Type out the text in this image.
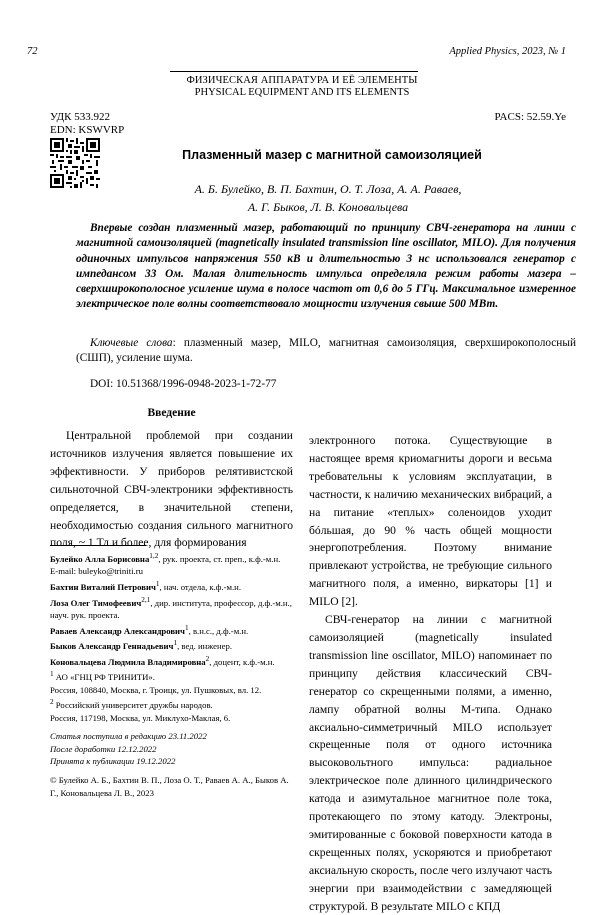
72	Applied Physics, 2023, № 1
ФИЗИЧЕСКАЯ АППАРАТУРА И ЕЁ ЭЛЕМЕНТЫ
PHYSICAL EQUIPMENT AND ITS ELEMENTS
УДК 533.922
EDN: KSWVRP
PACS: 52.59.Ye
Плазменный мазер с магнитной самоизоляцией
А. Б. Булейко, В. П. Бахтин, О. Т. Лоза, А. А. Раваев,
А. Г. Быков, Л. В. Коновальцева
Впервые создан плазменный мазер, работающий по принципу СВЧ-генератора на линии с магнитной самоизоляцией (magnetically insulated transmission line oscillator, MILO). Для получения одиночных импульсов напряжения 550 кВ и длительностью 3 нс использовался генератор с импедансом 33 Ом. Малая длительность импульса определяла режим работы мазера – сверхширокополосное усиление шума в полосе частот от 0,6 до 5 ГГц. Максимальное измеренное электрическое поле волны соответствовало мощности излучения свыше 500 МВт.
Ключевые слова: плазменный мазер, MILO, магнитная самоизоляция, сверхширокополосный (СШП), усиление шума.
DOI: 10.51368/1996-0948-2023-1-72-77
Введение

Центральной проблемой при создании источников излучения является повышение их эффективности. У приборов релятивистской сильноточной СВЧ-электроники эффективность определяется, в значительной степени, необходимостью создания сильного магнитного поля, ~ 1 Тл и более, для формирования

электронного потока. Существующие в настоящее время криомагниты дороги и весьма требовательны к условиям эксплуатации, в частности, к наличию механических вибраций, а на питание «теплых» соленоидов уходит бóльшая, до 90 % часть общей мощности энергопотребления. Поэтому внимание привлекают устройства, не требующие сильного магнитного поля, а именно, виркаторы [1] и MILO [2].

СВЧ-генератор на линии с магнитной самоизоляцией (magnetically insulated transmission line oscillator, MILO) напоминает по принципу действия классический СВЧ-генератор со скрещенными полями, а именно, лампу обратной волны М-типа. Однако аксиально-симметричный MILO использует скрещенные поля от одного источника высоковольтного импульса: радиальное электрическое поле длинного цилиндрического катода и азимутальное магнитное поле тока, протекающего по этому катоду. Электроны, эмитированные с боковой поверхности катода в скрещенных полях, ускоряются и приобретают аксиальную скорость, после чего излучают часть энергии при взаимодействии с замедляющей структурой. В результате MILO с КПД

Булейко Алла Борисовна$^{1,2}$, рук. проекта, ст. преп., к.ф.-м.н.
E-mail: buleyko@triniti.ru
Бахтин Виталий Петрович$^1$, нач. отдела, к.ф.-м.н.
Лоза Олег Тимофеевич$^{2,1}$, дир. института, профессор, д.ф.-м.н., науч. рук. проекта.
Раваев Александр Александрович$^1$, в.н.с., д.ф.-м.н.
Быков Александр Геннадьевич$^1$, вед. инженер.
Коновальцева Людмила Владимировна$^2$, доцент, к.ф.-м.н.
$^1$ АО «ГНЦ РФ ТРИНИТИ».
Россия, 108840, Москва, г. Троицк, ул. Пушковых, вл. 12.
$^2$ Российский университет дружбы народов.
Россия, 117198, Москва, ул. Миклухо-Маклая, 6.
Статья поступила в редакцию 23.11.2022
После доработки 12.12.2022
Принята к публикации 19.12.2022
© Булейко А. Б., Бахтин В. П., Лоза О. Т., Раваев А. А., Быков А. Г., Коновальцева Л. В., 2023
